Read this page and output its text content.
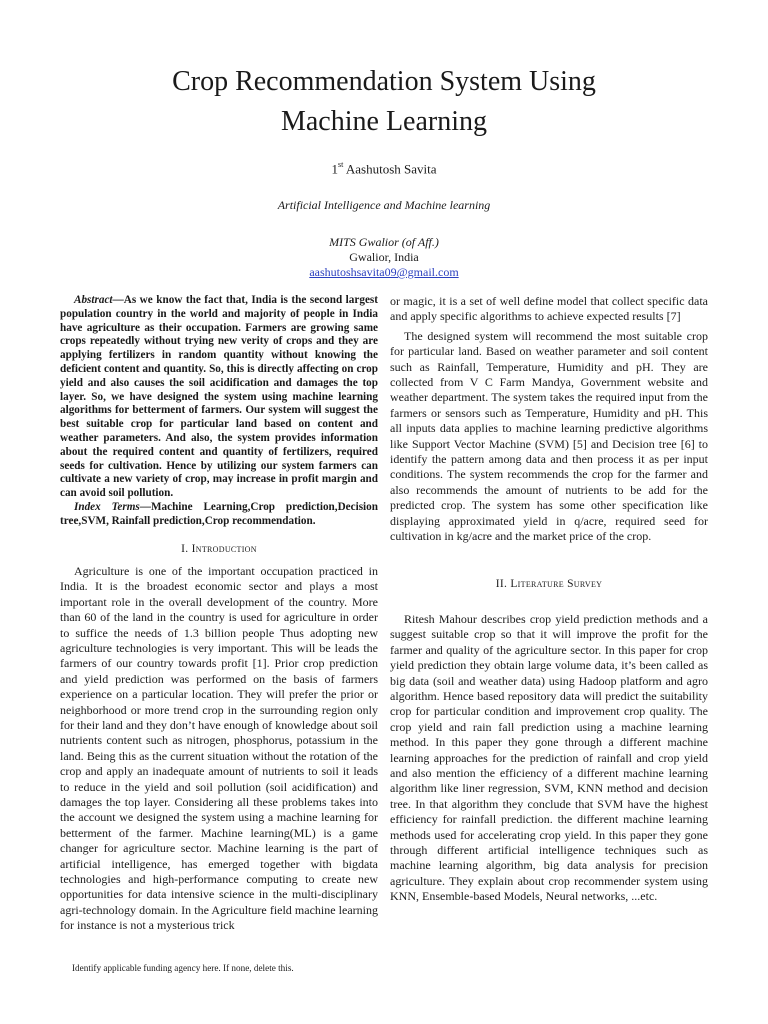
Crop Recommendation System Using
Machine Learning
1st Aashutosh Savita
Artificial Intelligence and Machine learning
MITS Gwalior (of Aff.)
Gwalior, India
aashutoshsavita09@gmail.com

Abstract—As we know the fact that, India is the second largest population country in the world and majority of people in India have agriculture as their occupation. Farmers are growing same crops repeatedly without trying new verity of crops and they are applying fertilizers in random quantity without knowing the deficient content and quantity. So, this is directly affecting on crop yield and also causes the soil acidification and damages the top layer. So, we have designed the system using machine learning algorithms for betterment of farmers. Our system will suggest the best suitable crop for particular land based on content and weather parameters. And also, the system provides information about the required content and quantity of fertilizers, required seeds for cultivation. Hence by utilizing our system farmers can cultivate a new variety of crop, may increase in profit margin and can avoid soil pollution.

Index Terms—Machine Learning,Crop prediction,Decision tree,SVM, Rainfall prediction,Crop recommendation.

I. Introduction

Agriculture is one of the important occupation practiced in India. It is the broadest economic sector and plays a most important role in the overall development of the country. More than 60 of the land in the country is used for agriculture in order to suffice the needs of 1.3 billion people Thus adopting new agriculture technologies is very important. This will be leads the farmers of our country towards profit [1]. Prior crop prediction and yield prediction was performed on the basis of farmers experience on a particular location. They will prefer the prior or neighborhood or more trend crop in the surrounding region only for their land and they don’t have enough of knowledge about soil nutrients content such as nitrogen, phosphorus, potassium in the land. Being this as the current situation without the rotation of the crop and apply an inadequate amount of nutrients to soil it leads to reduce in the yield and soil pollution (soil acidification) and damages the top layer. Considering all these problems takes into the account we designed the system using a machine learning for betterment of the farmer. Machine learning(ML) is a game changer for agriculture sector. Machine learning is the part of artificial intelligence, has emerged together with bigdata technologies and high-performance computing to create new opportunities for data intensive science in the multi-disciplinary agri-technology domain. In the Agriculture field machine learning for instance is not a mysterious trick

or magic, it is a set of well define model that collect specific data and apply specific algorithms to achieve expected results [7]

The designed system will recommend the most suitable crop for particular land. Based on weather parameter and soil content such as Rainfall, Temperature, Humidity and pH. They are collected from V C Farm Mandya, Government website and weather department. The system takes the required input from the farmers or sensors such as Temperature, Humidity and pH. This all inputs data applies to machine learning predictive algorithms like Support Vector Machine (SVM) [5] and Decision tree [6] to identify the pattern among data and then process it as per input conditions. The system recommends the crop for the farmer and also recommends the amount of nutrients to be add for the predicted crop. The system has some other specification like displaying approximated yield in q/acre, required seed for cultivation in kg/acre and the market price of the crop.

II. Literature Survey

Ritesh Mahour describes crop yield prediction methods and a suggest suitable crop so that it will improve the profit for the farmer and quality of the agriculture sector. In this paper for crop yield prediction they obtain large volume data, it’s been called as big data (soil and weather data) using Hadoop platform and agro algorithm. Hence based repository data will predict the suitability crop for particular condition and improvement crop quality. The crop yield and rain fall prediction using a machine learning method. In this paper they gone through a different machine learning approaches for the prediction of rainfall and crop yield and also mention the efficiency of a different machine learning algorithm like liner regression, SVM, KNN method and decision tree. In that algorithm they conclude that SVM have the highest efficiency for rainfall prediction. the different machine learning methods used for accelerating crop yield. In this paper they gone through different artificial intelligence techniques such as machine learning algorithm, big data analysis for precision agriculture. They explain about crop recommender system using KNN, Ensemble-based Models, Neural networks, ...etc.

Identify applicable funding agency here. If none, delete this.
